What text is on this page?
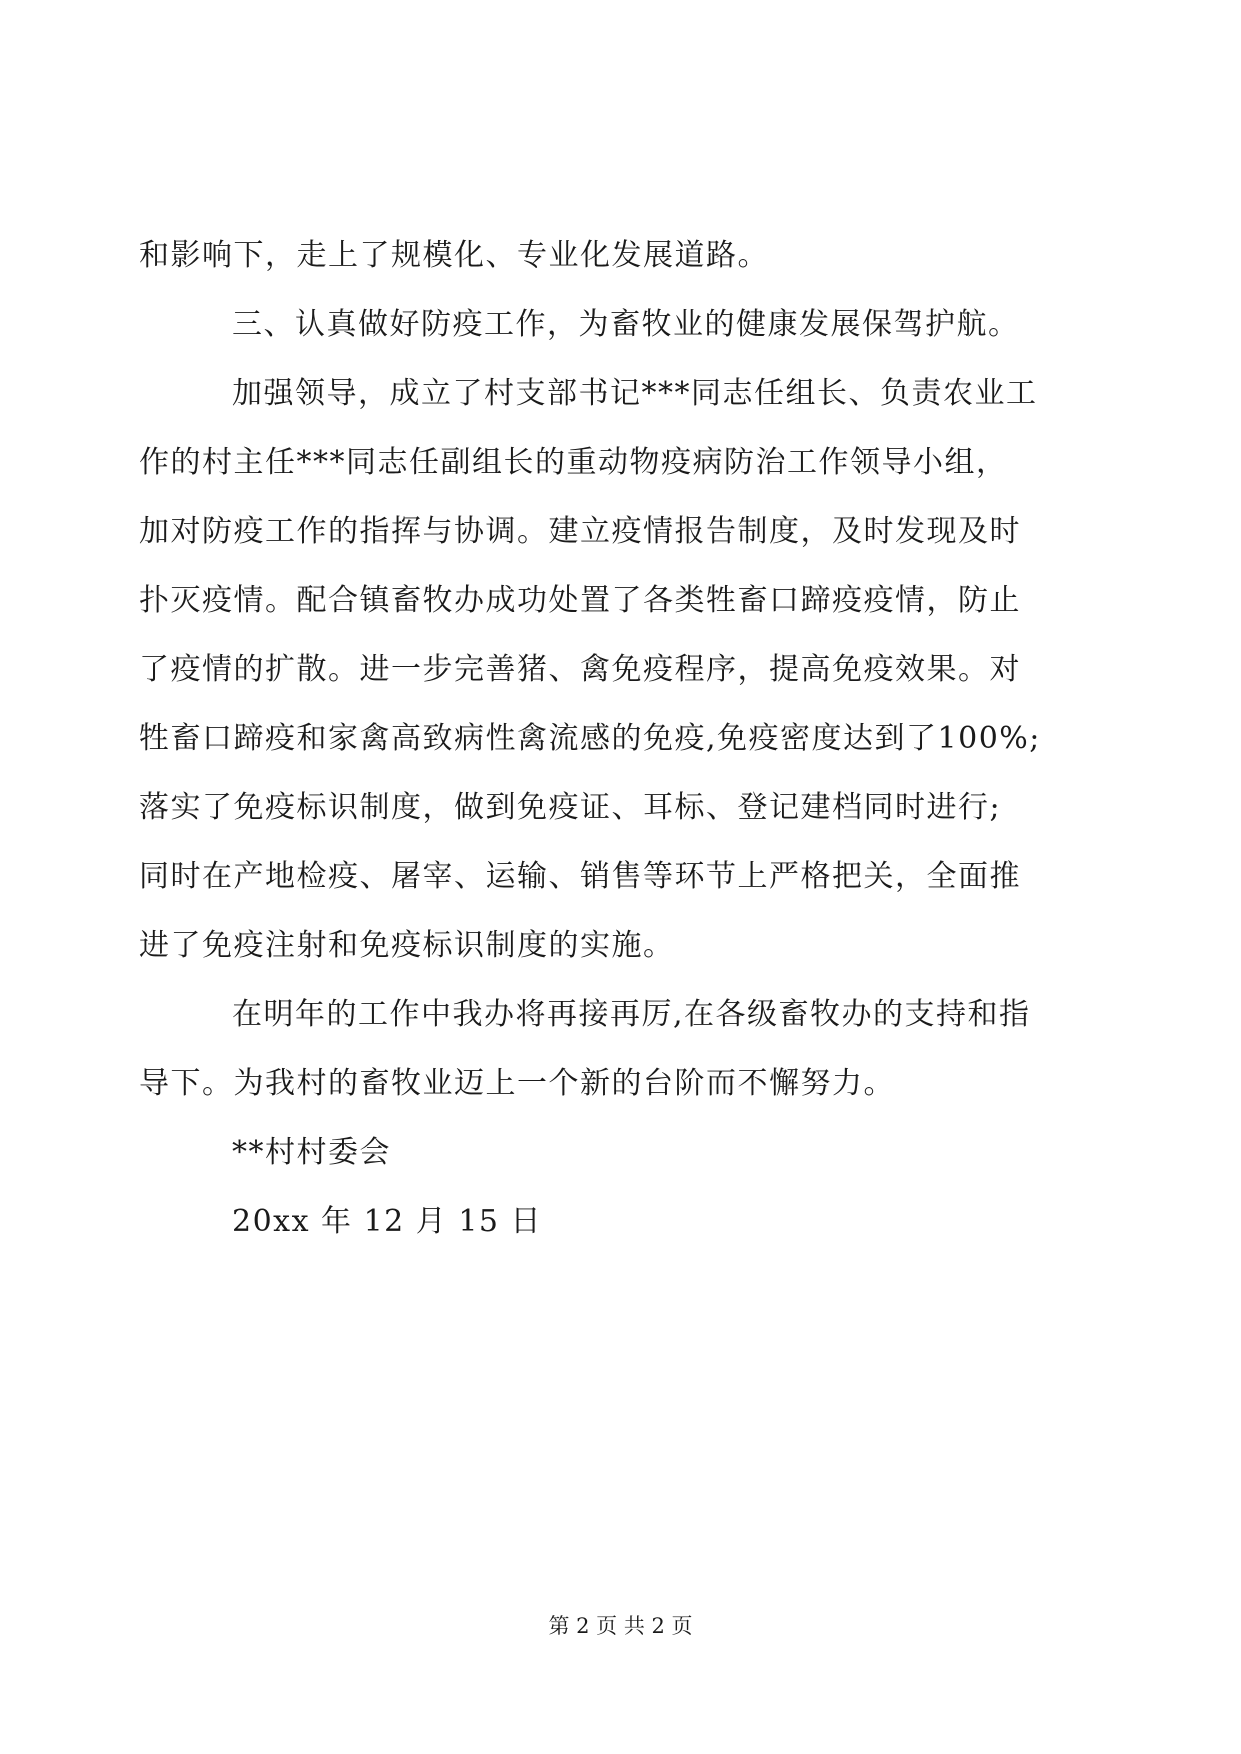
和影响下，走上了规模化、专业化发展道路。
三、认真做好防疫工作，为畜牧业的健康发展保驾护航。
加强领导，成立了村支部书记***同志任组长、负责农业工
作的村主任***同志任副组长的重动物疫病防治工作领导小组，
加对防疫工作的指挥与协调。建立疫情报告制度，及时发现及时
扑灭疫情。配合镇畜牧办成功处置了各类牲畜口蹄疫疫情，防止
了疫情的扩散。进一步完善猪、禽免疫程序，提高免疫效果。对
牲畜口蹄疫和家禽高致病性禽流感的免疫,免疫密度达到了100%;
落实了免疫标识制度，做到免疫证、耳标、登记建档同时进行;
同时在产地检疫、屠宰、运输、销售等环节上严格把关，全面推
进了免疫注射和免疫标识制度的实施。
在明年的工作中我办将再接再厉,在各级畜牧办的支持和指
导下。为我村的畜牧业迈上一个新的台阶而不懈努力。
**村村委会
20xx 年 12 月 15 日
第 2 页 共 2 页
